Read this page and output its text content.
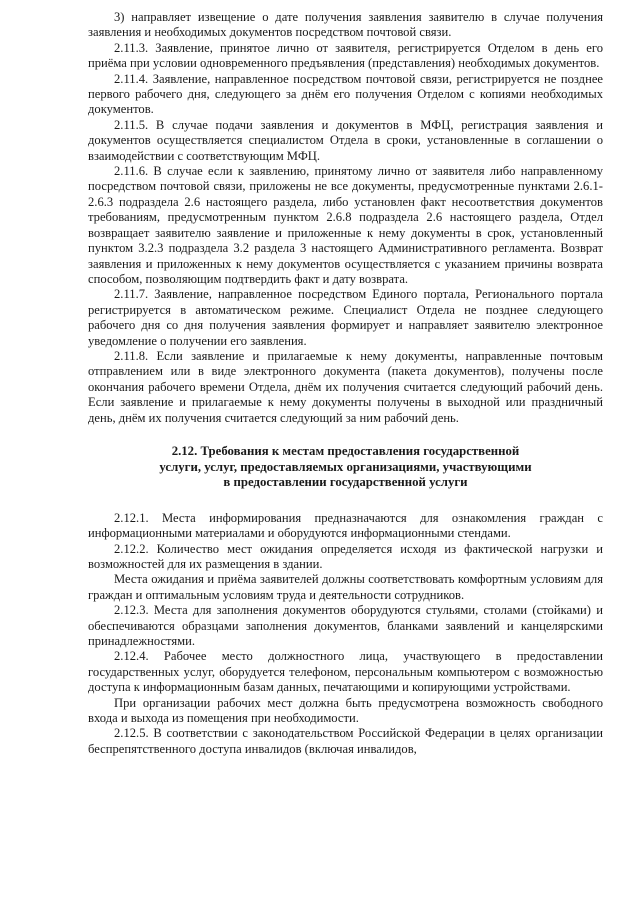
3) направляет извещение о дате получения заявления заявителю в случае получения заявления и необходимых документов посредством почтовой связи.

2.11.3. Заявление, принятое лично от заявителя, регистрируется Отделом в день его приёма при условии одновременного предъявления (представления) необходимых документов.

2.11.4. Заявление, направленное посредством почтовой связи, регистрируется не позднее первого рабочего дня, следующего за днём его получения Отделом с копиями необходимых документов.

2.11.5. В случае подачи заявления и документов в МФЦ, регистрация заявления и документов осуществляется специалистом Отдела в сроки, установленные в соглашении о взаимодействии с соответствующим МФЦ.

2.11.6. В случае если к заявлению, принятому лично от заявителя либо направленному посредством почтовой связи, приложены не все документы, предусмотренные пунктами 2.6.1-2.6.3 подраздела 2.6 настоящего раздела, либо установлен факт несоответствия документов требованиям, предусмотренным пунктом 2.6.8 подраздела 2.6 настоящего раздела, Отдел возвращает заявителю заявление и приложенные к нему документы в срок, установленный пунктом 3.2.3 подраздела 3.2 раздела 3 настоящего Административного регламента. Возврат заявления и приложенных к нему документов осуществляется с указанием причины возврата способом, позволяющим подтвердить факт и дату возврата.

2.11.7. Заявление, направленное посредством Единого портала, Регионального портала регистрируется в автоматическом режиме. Специалист Отдела не позднее следующего рабочего дня со дня получения заявления формирует и направляет заявителю электронное уведомление о получении его заявления.

2.11.8. Если заявление и прилагаемые к нему документы, направленные почтовым отправлением или в виде электронного документа (пакета документов), получены после окончания рабочего времени Отдела, днём их получения считается следующий рабочий день. Если заявление и прилагаемые к нему документы получены в выходной или праздничный день, днём их получения считается следующий за ним рабочий день.

2.12. Требования к местам предоставления государственной
услуги, услуг, предоставляемых организациями, участвующими
в предоставлении государственной услуги

2.12.1. Места информирования предназначаются для ознакомления граждан с информационными материалами и оборудуются информационными стендами.

2.12.2. Количество мест ожидания определяется исходя из фактической нагрузки и возможностей для их размещения в здании.

Места ожидания и приёма заявителей должны соответствовать комфортным условиям для граждан и оптимальным условиям труда и деятельности сотрудников.

2.12.3. Места для заполнения документов оборудуются стульями, столами (стойками) и обеспечиваются образцами заполнения документов, бланками заявлений и канцелярскими принадлежностями.

2.12.4. Рабочее место должностного лица, участвующего в предоставлении государственных услуг, оборудуется телефоном, персональным компьютером с возможностью доступа к информационным базам данных, печатающими и копирующими устройствами.

При организации рабочих мест должна быть предусмотрена возможность свободного входа и выхода из помещения при необходимости.

2.12.5. В соответствии с законодательством Российской Федерации в целях организации беспрепятственного доступа инвалидов (включая инвалидов,
